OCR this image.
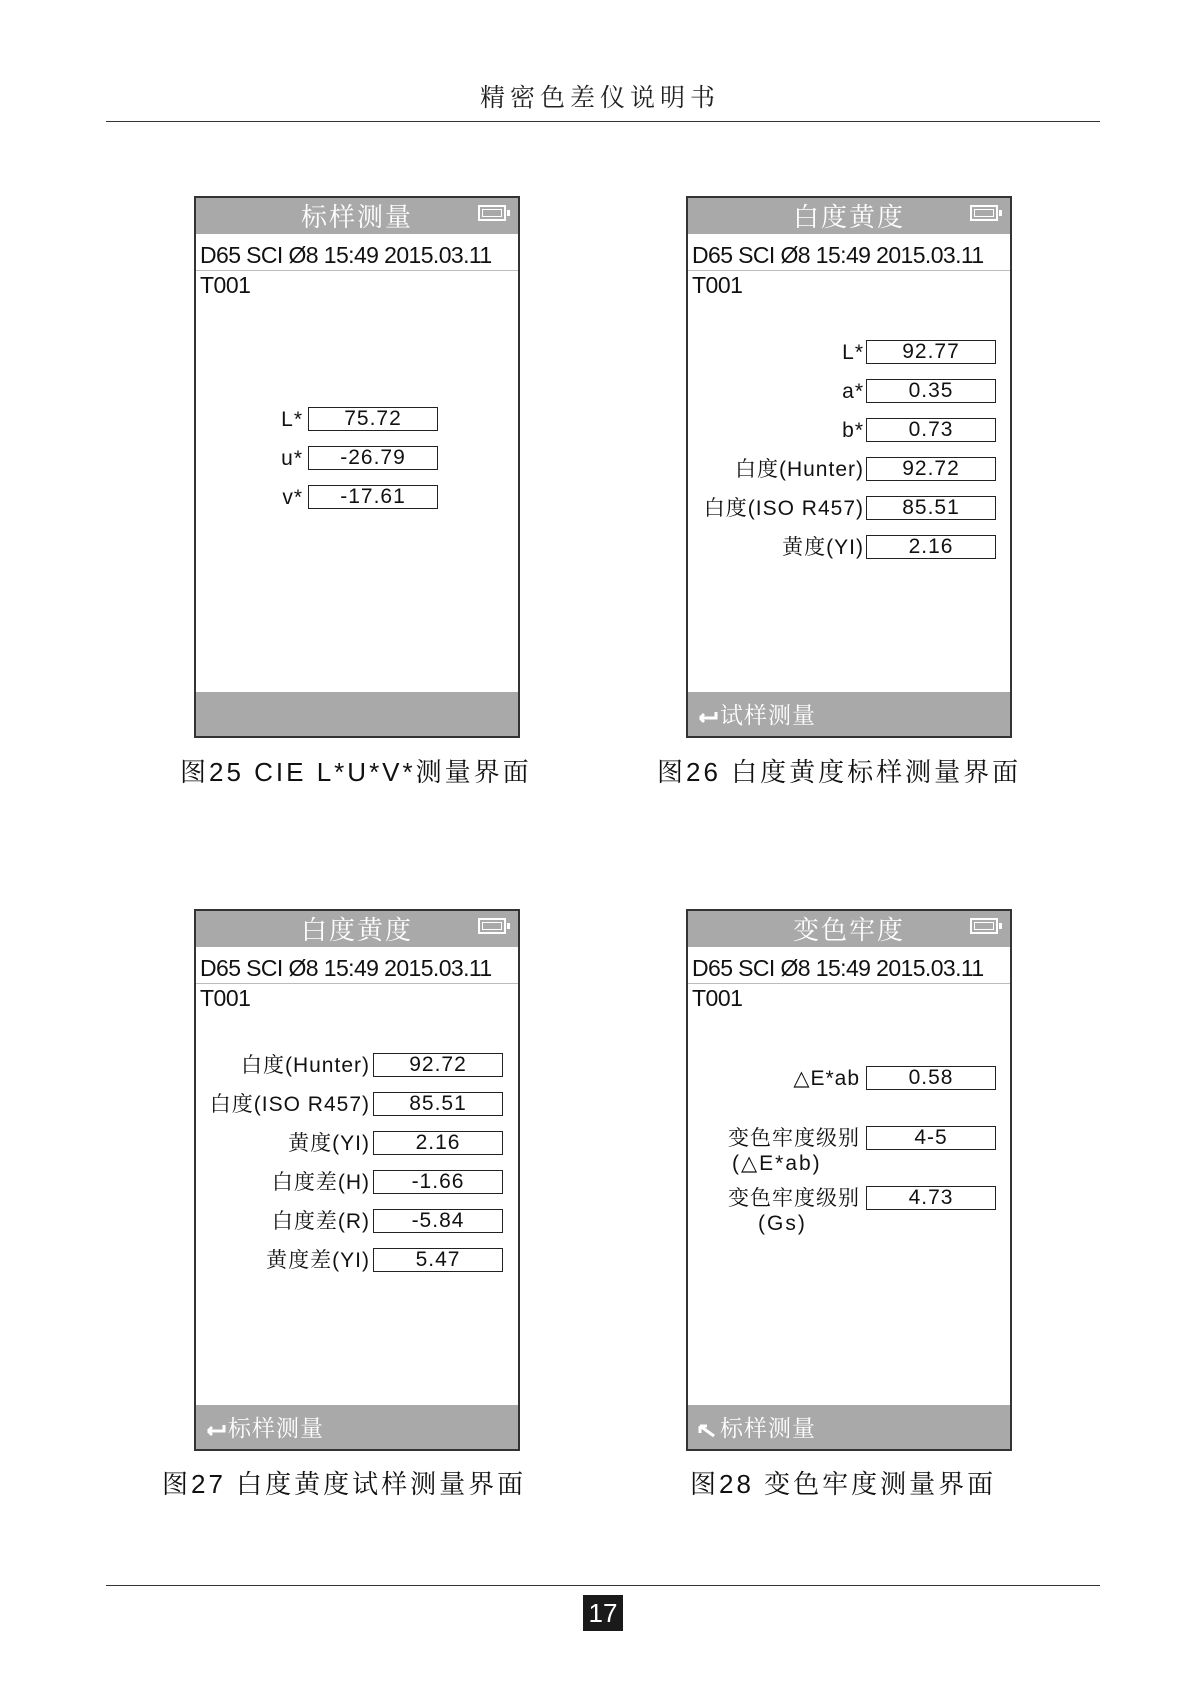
精密色差仪说明书
标样测量
D65 SCI Ø8 15:49 2015.03.11
T001
L*	75.72
u*	-26.79
v*	-17.61
图25 CIE L*U*V*测量界面
白度黄度
D65 SCI Ø8 15:49 2015.03.11
T001
L*	92.77
a*	0.35
b*	0.73
白度(Hunter)	92.72
白度(ISO R457)	85.51
黄度(YI)	2.16
试样测量
图26 白度黄度标样测量界面
白度黄度
D65 SCI Ø8 15:49 2015.03.11
T001
白度(Hunter)	92.72
白度(ISO R457)	85.51
黄度(YI)	2.16
白度差(H)	-1.66
白度差(R)	-5.84
黄度差(YI)	5.47
标样测量
图27 白度黄度试样测量界面
变色牢度
D65 SCI Ø8 15:49 2015.03.11
T001
△E*ab	0.58
变色牢度级别	4-5
(△E*ab)
变色牢度级别	4.73
(Gs)
标样测量
图28 变色牢度测量界面
17
